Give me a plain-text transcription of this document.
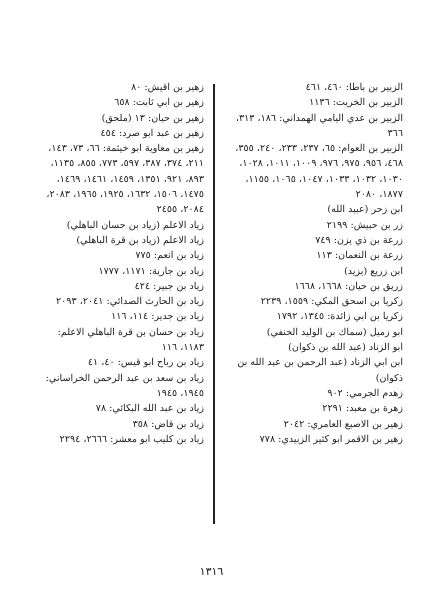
الزبير بن باطا: ٤٦٠، ٤٦١
الزبير بن الخريت: ١١٣٦
الزبير بن عدي اليامي الهمداني: ١٨٦، ٣١٣، ٣٦٦
الزبير بن العوام: ٦٥، ٢٣٧، ٢٣٣، ٢٤٠، ٣٥٥، ٤٦٨، ٩٥٦، ٩٧٥، ٩٧٦، ١٠٠٩، ١٠١١، ١٠٢٨، ١٠٣٠، ١٠٣٢، ١٠٣٣، ١٠٤٧، ١٠٦٥، ١١٥٥، ١٨٧٧، ٢٠٨٠
ابن زحر (عبيد الله)
زر بن حبيش: ٢١٩٩
زرعة بن ذي يزن: ٧٤٩
زرعة بن النعمان: ١١٣
ابن زريع (يزيد)
زريق بن حيان: ١٦٦٨، ١٦٦٨
زكريا بن اسحق المكي: ١٥٥٩، ٢٢٣٩
زكريا بن ابي زائدة: ١٣٤٥، ١٧٩٢
ابو زميل (سماك بن الوليد الحنفي)
ابو الزناد (عبد الله بن ذكوان)
ابن ابي الزناد (عبد الرحمن بن عبد الله بن ذكوان)
زهدم الجرمي: ٩٠٢
زهرة بن معبد: ٢٢٩١
زهير بن الاصبع العامري: ٢٠٤٢
زهير بن الاقمر ابو كثير الزبيدي: ٧٧٨
زهير بن اقيش: ٨٠
زهير بن ابي ثابت: ٦٥٨
زهير بن حيان: ١٣ (ملحق)
زهير بن عبد ابو صرد: ٤٥٤
زهير بن معاوية ابو خيثمة: ٦٦، ٧٣، ١٤٣، ٢١١، ٣٧٤، ٣٨٧، ٥٩٧، ٧٧٣، ٨٥٥، ١١٣٥، ٨٩٣، ٩٢١، ١٣٥١، ١٤٥٩، ١٤٦١، ١٤٦٩، ١٤٧٥، ١٥٠٦، ١٦٣٢، ١٩٢٥، ١٩٦٥، ٢٠٨٣، ٢٠٨٤، ٢٤٥٥
زياد الاعلم (زياد بن حسان الباهلي)
زياد الاعلم (زياد بن قرة الباهلي)
زياد بن انعم: ٧٧٥
زياد بن جارية: ١١٧١، ١٧٧٧
زياد بن جبير: ٤٢٤
زياد بن الحارث الصدائي: ٢٠٤١، ٢٠٩٣
زياد بن جدير: ١١٤، ١١٦
زياد بن حسان بن قرة الباهلي الاعلم: ١١٨٣، ١١٦
زياد بن رباح ابو قيس: ٤٠، ٤١
زياد بن سعد بن عبد الرحمن الخراساني: ١٩٤٥، ١٩٤٥
زياد بن عبد الله البكائي: ٧٨
زياد بن قاض: ٣٥٨
زياد بن كليب ابو معشر: ٢٦٦٦، ٢٢٩٤
١٣١٦
